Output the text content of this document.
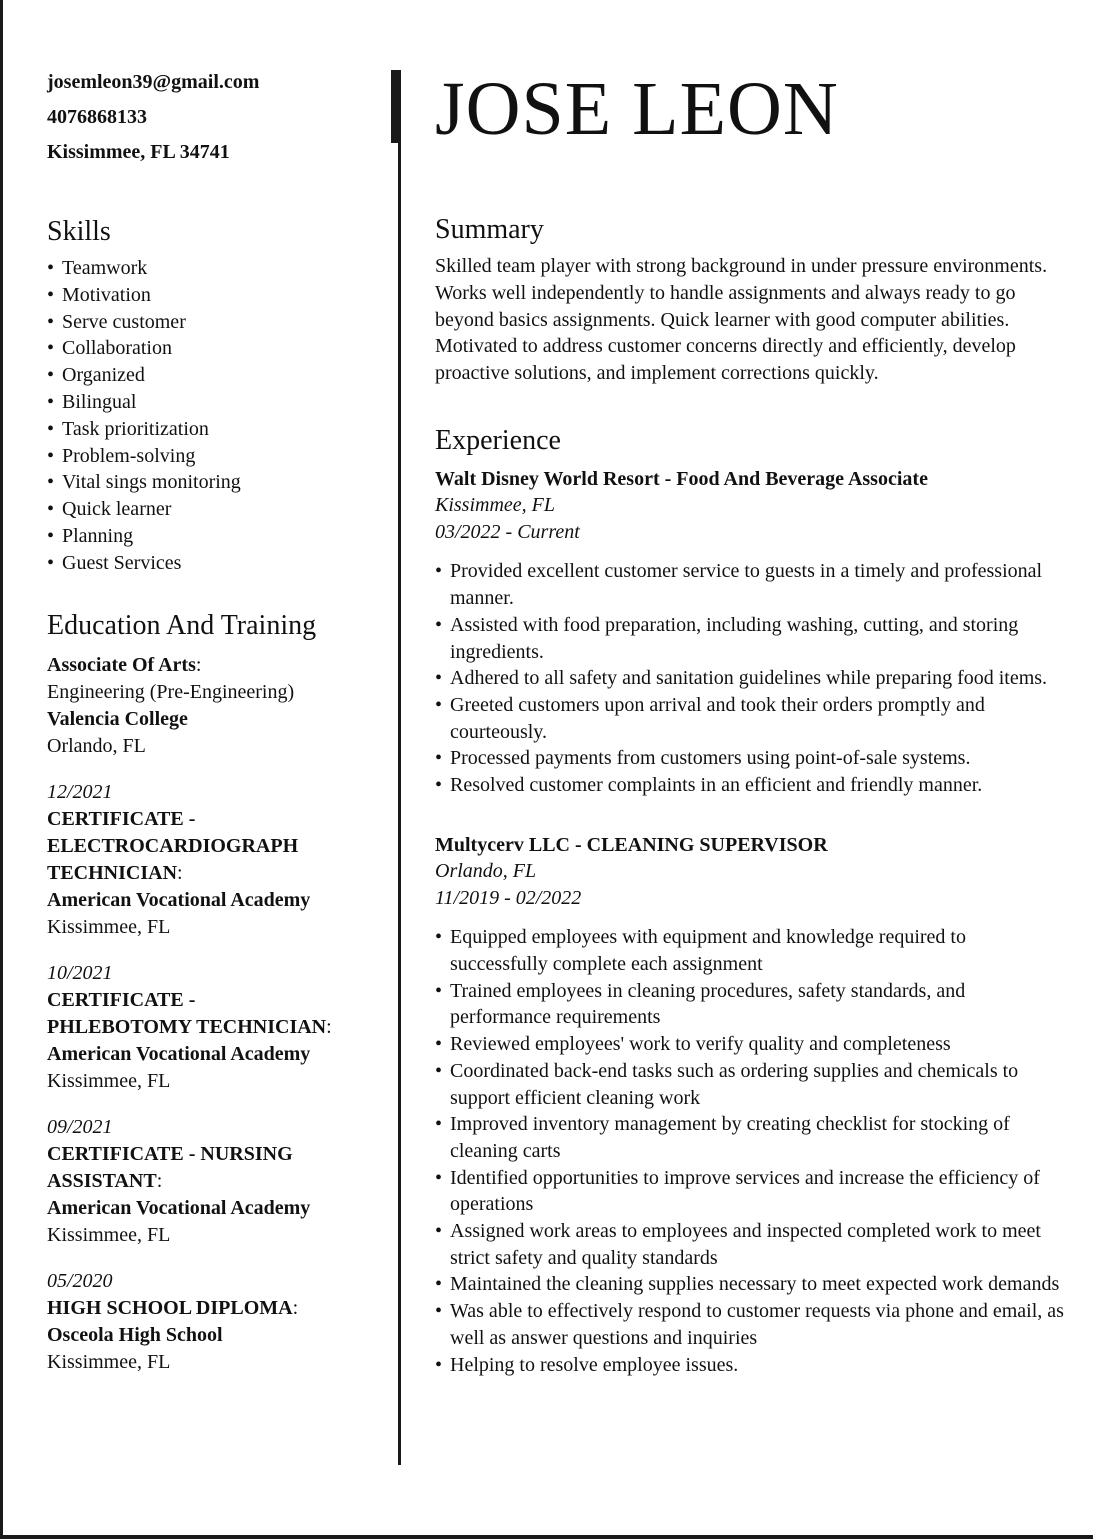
josemleon39@gmail.com
4076868133
Kissimmee, FL 34741
Skills
• Teamwork
• Motivation
• Serve customer
• Collaboration
• Organized
• Bilingual
• Task prioritization
• Problem-solving
• Vital sings monitoring
• Quick learner
• Planning
• Guest Services
Education And Training
Associate Of Arts:
Engineering (Pre-Engineering)
Valencia College
Orlando, FL
12/2021
CERTIFICATE -
ELECTROCARDIOGRAPH
TECHNICIAN:
American Vocational Academy
Kissimmee, FL
10/2021
CERTIFICATE -
PHLEBOTOMY TECHNICIAN:
American Vocational Academy
Kissimmee, FL
09/2021
CERTIFICATE - NURSING
ASSISTANT:
American Vocational Academy
Kissimmee, FL
05/2020
HIGH SCHOOL DIPLOMA:
Osceola High School
Kissimmee, FL
JOSE LEON
Summary
Skilled team player with strong background in under pressure environments. Works well independently to handle assignments and always ready to go beyond basics assignments. Quick learner with good computer abilities. Motivated to address customer concerns directly and efficiently, develop proactive solutions, and implement corrections quickly.
Experience
Walt Disney World Resort - Food And Beverage Associate
Kissimmee, FL
03/2022 - Current
• Provided excellent customer service to guests in a timely and professional manner.
• Assisted with food preparation, including washing, cutting, and storing ingredients.
• Adhered to all safety and sanitation guidelines while preparing food items.
• Greeted customers upon arrival and took their orders promptly and courteously.
• Processed payments from customers using point-of-sale systems.
• Resolved customer complaints in an efficient and friendly manner.
Multycerv LLC - CLEANING SUPERVISOR
Orlando, FL
11/2019 - 02/2022
• Equipped employees with equipment and knowledge required to successfully complete each assignment
• Trained employees in cleaning procedures, safety standards, and performance requirements
• Reviewed employees' work to verify quality and completeness
• Coordinated back-end tasks such as ordering supplies and chemicals to support efficient cleaning work
• Improved inventory management by creating checklist for stocking of cleaning carts
• Identified opportunities to improve services and increase the efficiency of operations
• Assigned work areas to employees and inspected completed work to meet strict safety and quality standards
• Maintained the cleaning supplies necessary to meet expected work demands
• Was able to effectively respond to customer requests via phone and email, as well as answer questions and inquiries
• Helping to resolve employee issues.
